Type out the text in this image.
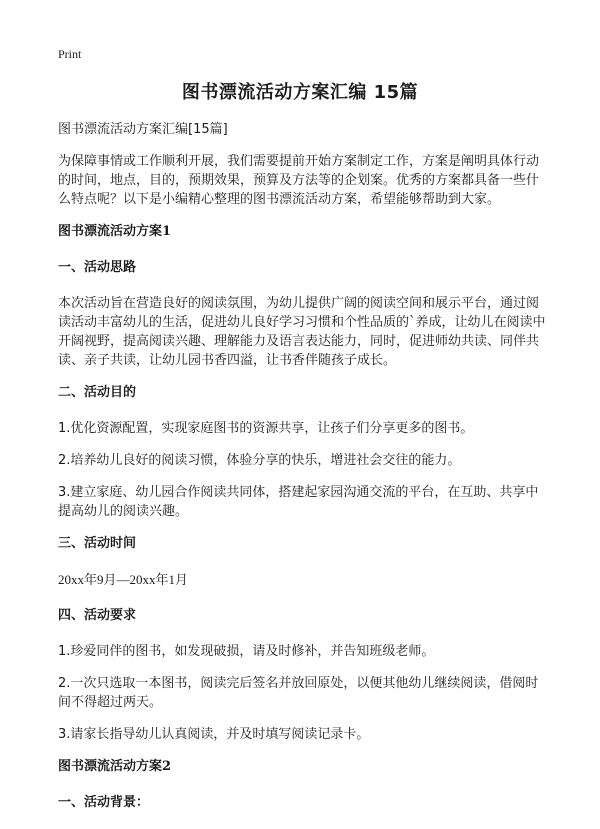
Print
图书漂流活动方案汇编 15篇

图书漂流活动方案汇编[15篇]

为保障事情或工作顺利开展，我们需要提前开始方案制定工作，方案是阐明具体行动的时间，地点，目的，预期效果，预算及方法等的企划案。优秀的方案都具备一些什么特点呢？以下是小编精心整理的图书漂流活动方案，希望能够帮助到大家。

图书漂流活动方案1

一、活动思路

本次活动旨在营造良好的阅读氛围，为幼儿提供广阔的阅读空间和展示平台，通过阅读活动丰富幼儿的生活，促进幼儿良好学习习惯和个性品质的`养成，让幼儿在阅读中开阔视野，提高阅读兴趣、理解能力及语言表达能力，同时，促进师幼共读、同伴共读、亲子共读，让幼儿园书香四溢，让书香伴随孩子成长。

二、活动目的

1.优化资源配置，实现家庭图书的资源共享，让孩子们分享更多的图书。

2.培养幼儿良好的阅读习惯，体验分享的快乐，增进社会交往的能力。

3.建立家庭、幼儿园合作阅读共同体，搭建起家园沟通交流的平台，在互助、共享中提高幼儿的阅读兴趣。

三、活动时间

20xx年9月—20xx年1月

四、活动要求

1.珍爱同伴的图书，如发现破损，请及时修补，并告知班级老师。

2.一次只选取一本图书，阅读完后签名并放回原处，以便其他幼儿继续阅读，借阅时间不得超过两天。

3.请家长指导幼儿认真阅读，并及时填写阅读记录卡。

图书漂流活动方案2

一、活动背景：
